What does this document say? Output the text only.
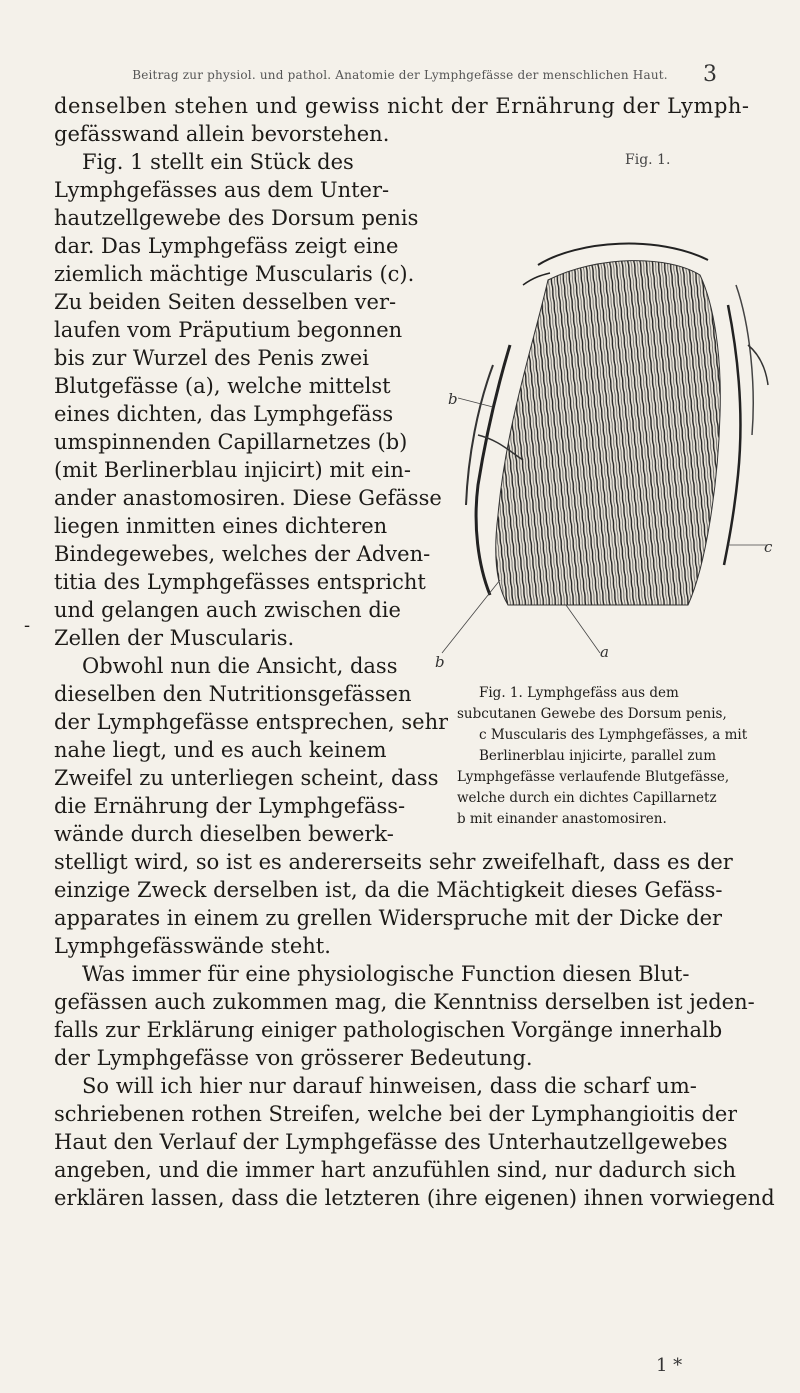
Beitrag zur physiol. und pathol. Anatomie der Lymphgefässe der menschlichen Haut.	3
denselben stehen und gewiss nicht der Ernährung der Lymph-
gefässwand allein bevorstehen.
Fig. 1 stellt ein Stück des
Lymphgefässes aus dem Unter-
hautzellgewebe des Dorsum penis
dar. Das Lymphgefäss zeigt eine
ziemlich mächtige Muscularis (c).
Zu beiden Seiten desselben ver-
laufen vom Präputium begonnen
bis zur Wurzel des Penis zwei
Blutgefässe (a), welche mittelst
eines dichten, das Lymphgefäss
umspinnenden Capillarnetzes (b)
(mit Berlinerblau injicirt) mit ein-
ander anastomosiren. Diese Gefässe
liegen inmitten eines dichteren
Bindegewebes, welches der Adven-
titia des Lymphgefässes entspricht
und gelangen auch zwischen die
Zellen der Muscularis.
Obwohl nun die Ansicht, dass
dieselben den Nutritionsgefässen
der Lymphgefässe entsprechen, sehr
nahe liegt, und es auch keinem
Zweifel zu unterliegen scheint, dass
die Ernährung der Lymphgefäss-
wände durch dieselben bewerk-
stelligt wird, so ist es andererseits sehr zweifelhaft, dass es der
einzige Zweck derselben ist, da die Mächtigkeit dieses Gefäss-
apparates in einem zu grellen Widerspruche mit der Dicke der
Lymphgefässwände steht.
Was immer für eine physiologische Function diesen Blut-
gefässen auch zukommen mag, die Kenntniss derselben ist jeden-
falls zur Erklärung einiger pathologischen Vorgänge innerhalb
der Lymphgefässe von grösserer Bedeutung.
So will ich hier nur darauf hinweisen, dass die scharf um-
schriebenen rothen Streifen, welche bei der Lymphangioitis der
Haut den Verlauf der Lymphgefässe des Unterhautzellgewebes
angeben, und die immer hart anzufühlen sind, nur dadurch sich
erklären lassen, dass die letzteren (ihre eigenen) ihnen vorwiegend
-
Fig. 1.
b
c
b
a
Fig. 1. Lymphgefäss aus dem
subcutanen Gewebe des Dorsum penis,
c Muscularis des Lymphgefässes, a mit
Berlinerblau injicirte, parallel zum
Lymphgefässe verlaufende Blutgefässe,
welche durch ein dichtes Capillarnetz
b mit einander anastomosiren.
1 *
